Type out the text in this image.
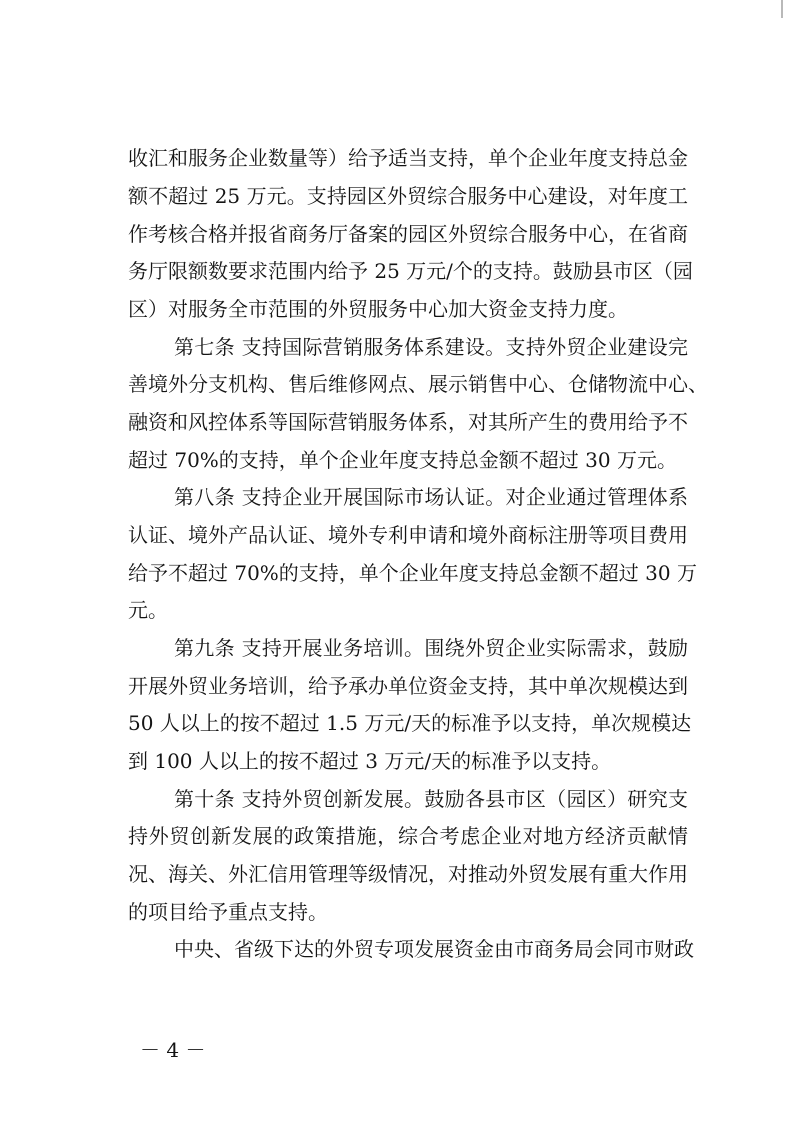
收汇和服务企业数量等）给予适当支持，单个企业年度支持总金
额不超过 25 万元。支持园区外贸综合服务中心建设，对年度工
作考核合格并报省商务厅备案的园区外贸综合服务中心，在省商
务厅限额数要求范围内给予 25 万元/个的支持。鼓励县市区（园
区）对服务全市范围的外贸服务中心加大资金支持力度。
第七条 支持国际营销服务体系建设。支持外贸企业建设完
善境外分支机构、售后维修网点、展示销售中心、仓储物流中心、
融资和风控体系等国际营销服务体系，对其所产生的费用给予不
超过 70%的支持，单个企业年度支持总金额不超过 30 万元。
第八条 支持企业开展国际市场认证。对企业通过管理体系
认证、境外产品认证、境外专利申请和境外商标注册等项目费用
给予不超过 70%的支持，单个企业年度支持总金额不超过 30 万
元。
第九条 支持开展业务培训。围绕外贸企业实际需求，鼓励
开展外贸业务培训，给予承办单位资金支持，其中单次规模达到
50 人以上的按不超过 1.5 万元/天的标准予以支持，单次规模达
到 100 人以上的按不超过 3 万元/天的标准予以支持。
第十条 支持外贸创新发展。鼓励各县市区（园区）研究支
持外贸创新发展的政策措施，综合考虑企业对地方经济贡献情
况、海关、外汇信用管理等级情况，对推动外贸发展有重大作用
的项目给予重点支持。
中央、省级下达的外贸专项发展资金由市商务局会同市财政
－ 4 －
